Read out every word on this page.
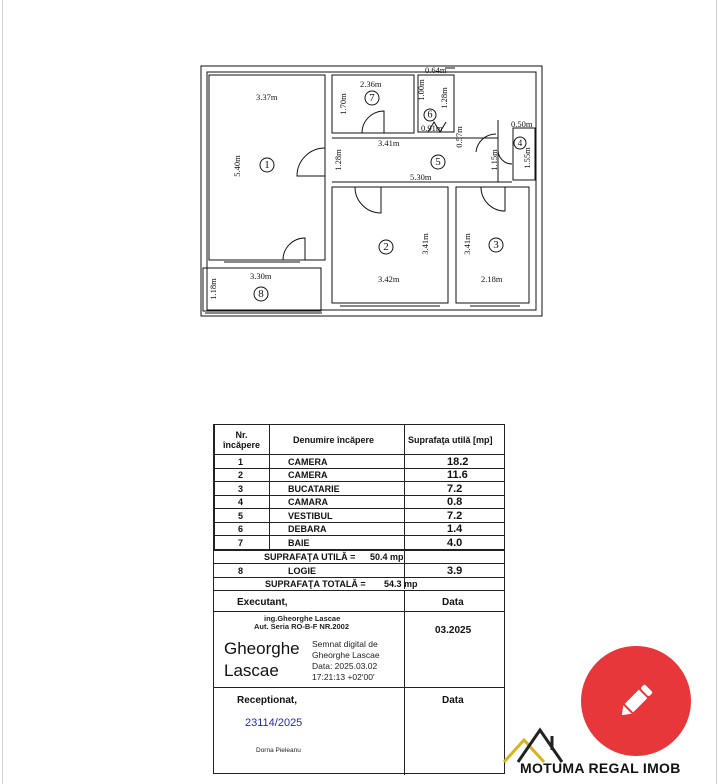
3.37m
5.40m
2.36m
1.70m
0.64m
1.00m 1.28m
0.91m 0.57m
0.50m
1.15m	1.55m
3.41m
1.28m
5.30m
3.41m
3.42m
3.41m
2.18m
3.30m
1.18m
1
2	3
4
5
6
7
8
Nr.
încăpere	Denumire încăpere	Suprafaţa utilă [mp]
1	CAMERA	18.2
2	CAMERA	11.6
3	BUCATARIE	7.2
4	CAMARA	0.8
5	VESTIBUL	7.2
6	DEBARA	1.4
7	BAIE	4.0
SUPRAFAŢA UTILĂ = 50.4 mp
8	LOGIE	3.9
SUPRAFAŢA TOTALĂ = 54.3 mp
Executant,	Data
ing.Gheorghe Lascae
Aut. Seria RO-B-F NR.2002
Gheorghe
Lascae
Semnat digital de
Gheorghe Lascae
Data: 2025.03.02
17:21:13 +02'00'
03.2025
Receptionat,	Data
23114/2025
Dorna Pieleanu
MOTUMA REGAL IMOB
